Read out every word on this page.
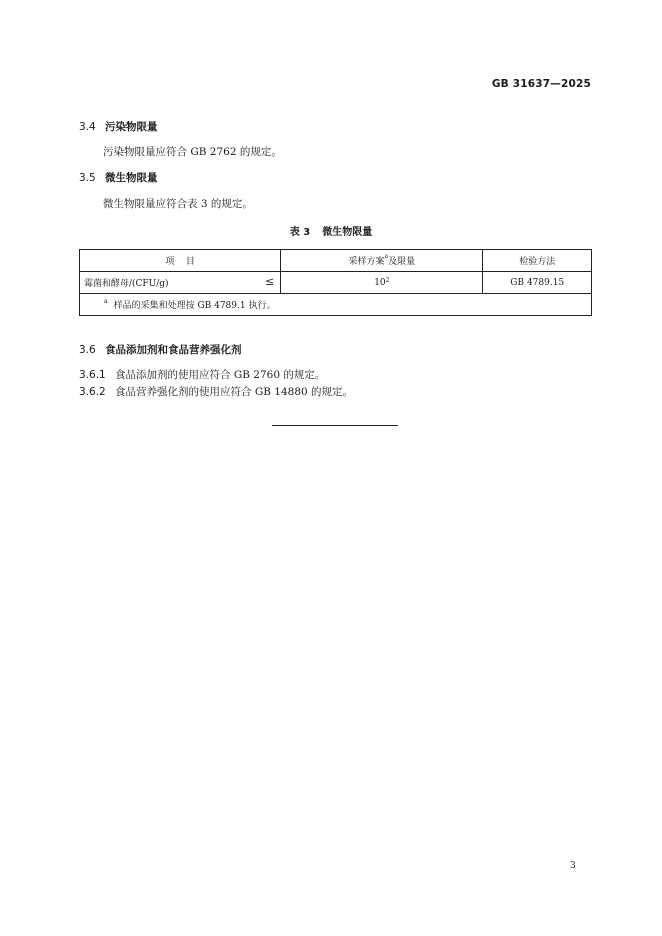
GB 31637—2025
3.4 污染物限量
污染物限量应符合 GB 2762 的规定。
3.5 微生物限量
微生物限量应符合表 3 的规定。
表 3 微生物限量
项    目	采样方案$^a$及限量	检验方法
霉菌和酵母/(CFU/g) ≤	$10^2$	GB 4789.15
$^a$ 样品的采集和处理按 GB 4789.1 执行。		
3.6 食品添加剂和食品营养强化剂
3.6.1 食品添加剂的使用应符合 GB 2760 的规定。
3.6.2 食品营养强化剂的使用应符合 GB 14880 的规定。
3
